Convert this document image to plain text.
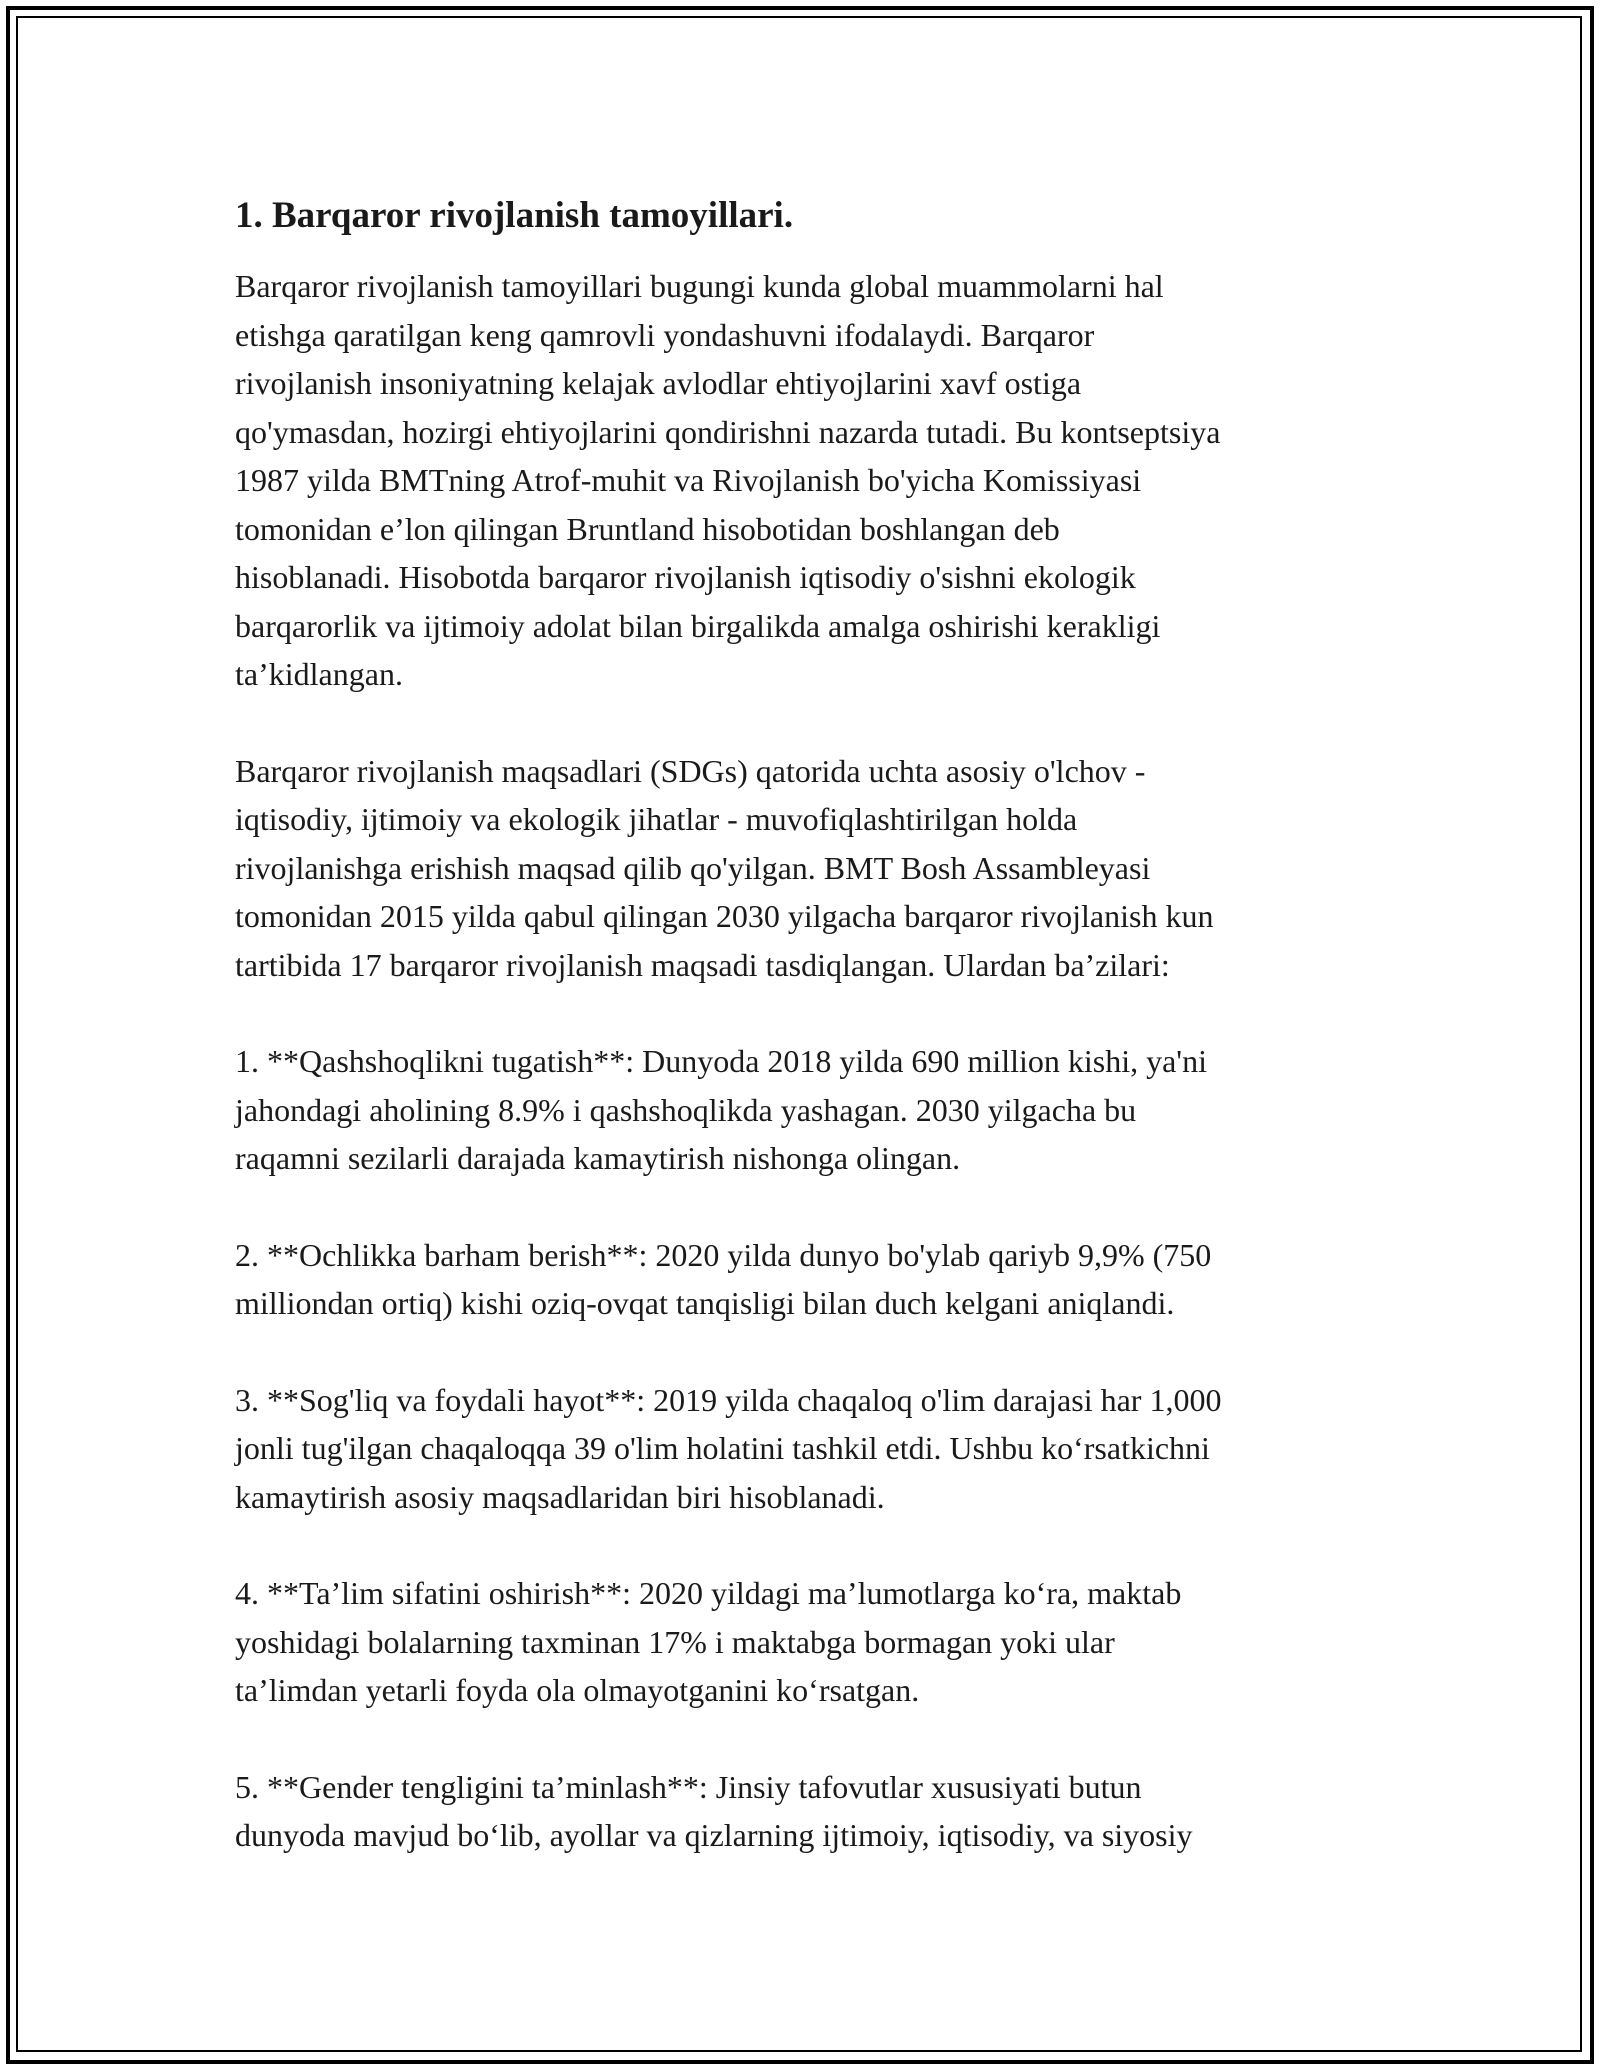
1. Barqaror rivojlanish tamoyillari.
Barqaror rivojlanish tamoyillari bugungi kunda global muammolarni hal
etishga qaratilgan keng qamrovli yondashuvni ifodalaydi. Barqaror
rivojlanish insoniyatning kelajak avlodlar ehtiyojlarini xavf ostiga
qo'ymasdan, hozirgi ehtiyojlarini qondirishni nazarda tutadi. Bu kontseptsiya
1987 yilda BMTning Atrof-muhit va Rivojlanish bo'yicha Komissiyasi
tomonidan e’lon qilingan Bruntland hisobotidan boshlangan deb
hisoblanadi. Hisobotda barqaror rivojlanish iqtisodiy o'sishni ekologik
barqarorlik va ijtimoiy adolat bilan birgalikda amalga oshirishi kerakligi
ta’kidlangan.
Barqaror rivojlanish maqsadlari (SDGs) qatorida uchta asosiy o'lchov -
iqtisodiy, ijtimoiy va ekologik jihatlar - muvofiqlashtirilgan holda
rivojlanishga erishish maqsad qilib qo'yilgan. BMT Bosh Assambleyasi
tomonidan 2015 yilda qabul qilingan 2030 yilgacha barqaror rivojlanish kun
tartibida 17 barqaror rivojlanish maqsadi tasdiqlangan. Ulardan ba’zilari:
1. **Qashshoqlikni tugatish**: Dunyoda 2018 yilda 690 million kishi, ya'ni
jahondagi aholining 8.9% i qashshoqlikda yashagan. 2030 yilgacha bu
raqamni sezilarli darajada kamaytirish nishonga olingan.
2. **Ochlikka barham berish**: 2020 yilda dunyo bo'ylab qariyb 9,9% (750
milliondan ortiq) kishi oziq-ovqat tanqisligi bilan duch kelgani aniqlandi.
3. **Sog'liq va foydali hayot**: 2019 yilda chaqaloq o'lim darajasi har 1,000
jonli tug'ilgan chaqaloqqa 39 o'lim holatini tashkil etdi. Ushbu ko‘rsatkichni
kamaytirish asosiy maqsadlaridan biri hisoblanadi.
4. **Ta’lim sifatini oshirish**: 2020 yildagi ma’lumotlarga ko‘ra, maktab
yoshidagi bolalarning taxminan 17% i maktabga bormagan yoki ular
ta’limdan yetarli foyda ola olmayotganini ko‘rsatgan.
5. **Gender tengligini ta’minlash**: Jinsiy tafovutlar xususiyati butun
dunyoda mavjud bo‘lib, ayollar va qizlarning ijtimoiy, iqtisodiy, va siyosiy
